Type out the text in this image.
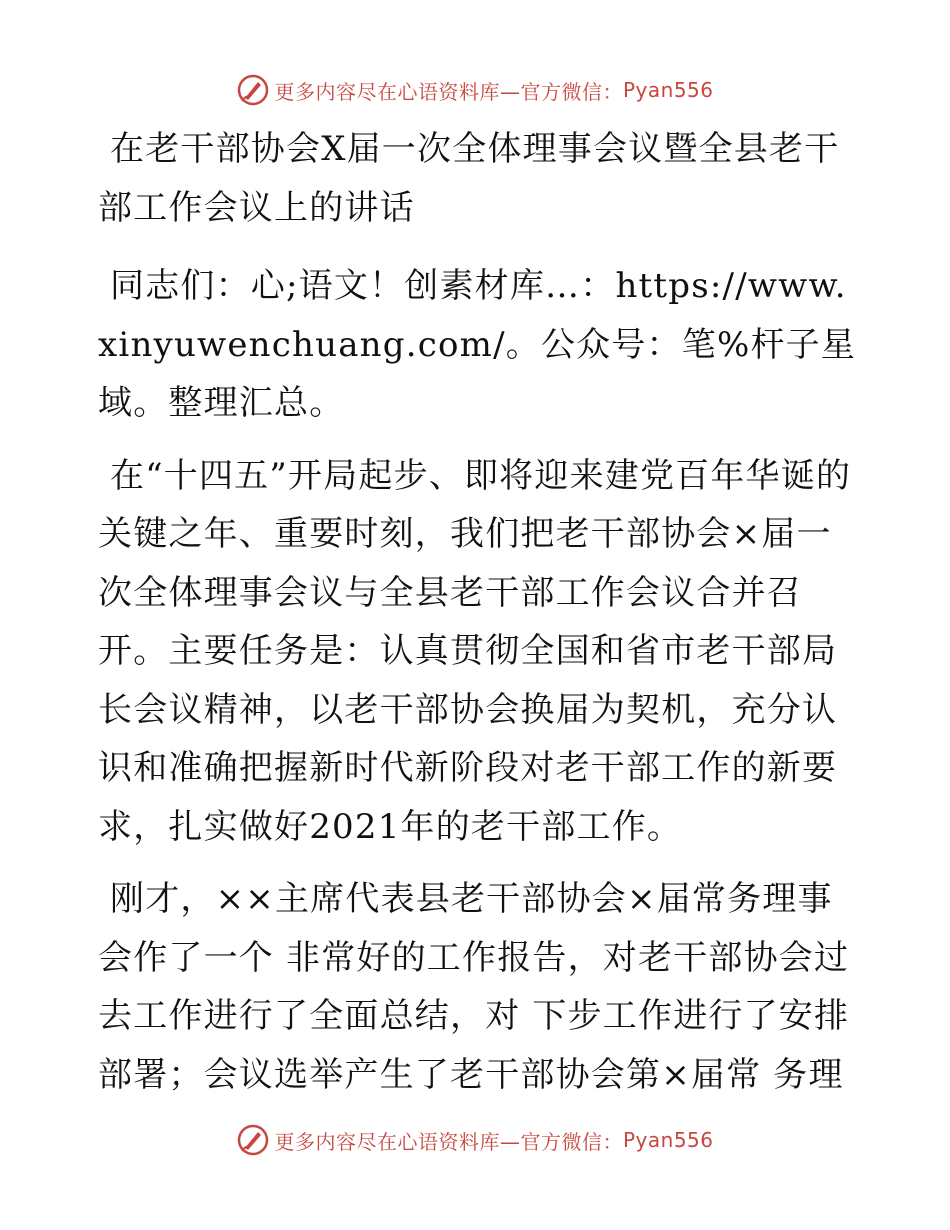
更多内容尽在心语资料库—官方微信： Pyan556

在老干部协会X届一次全体理事会议暨全县老干部工作会议上的讲话

同志们：心;语文！创素材库…：https://www.xinyuwenchuang.com/。公众号：笔%杆子星域。整理汇总。

在“十四五”开局起步、即将迎来建党百年华诞的关键之年、重要时刻，我们把老干部协会×届一次全体理事会议与全县老干部工作会议合并召开。主要任务是：认真贯彻全国和省市老干部局长会议精神，以老干部协会换届为契机，充分认识和准确把握新时代新阶段对老干部工作的新要求，扎实做好2021年的老干部工作。

刚才，××主席代表县老干部协会×届常务理事会作了一个 非常好的工作报告，对老干部协会过去工作进行了全面总结，对 下步工作进行了安排部署；会议选举产生了老干部协会第×届常 务理

更多内容尽在心语资料库—官方微信： Pyan556
